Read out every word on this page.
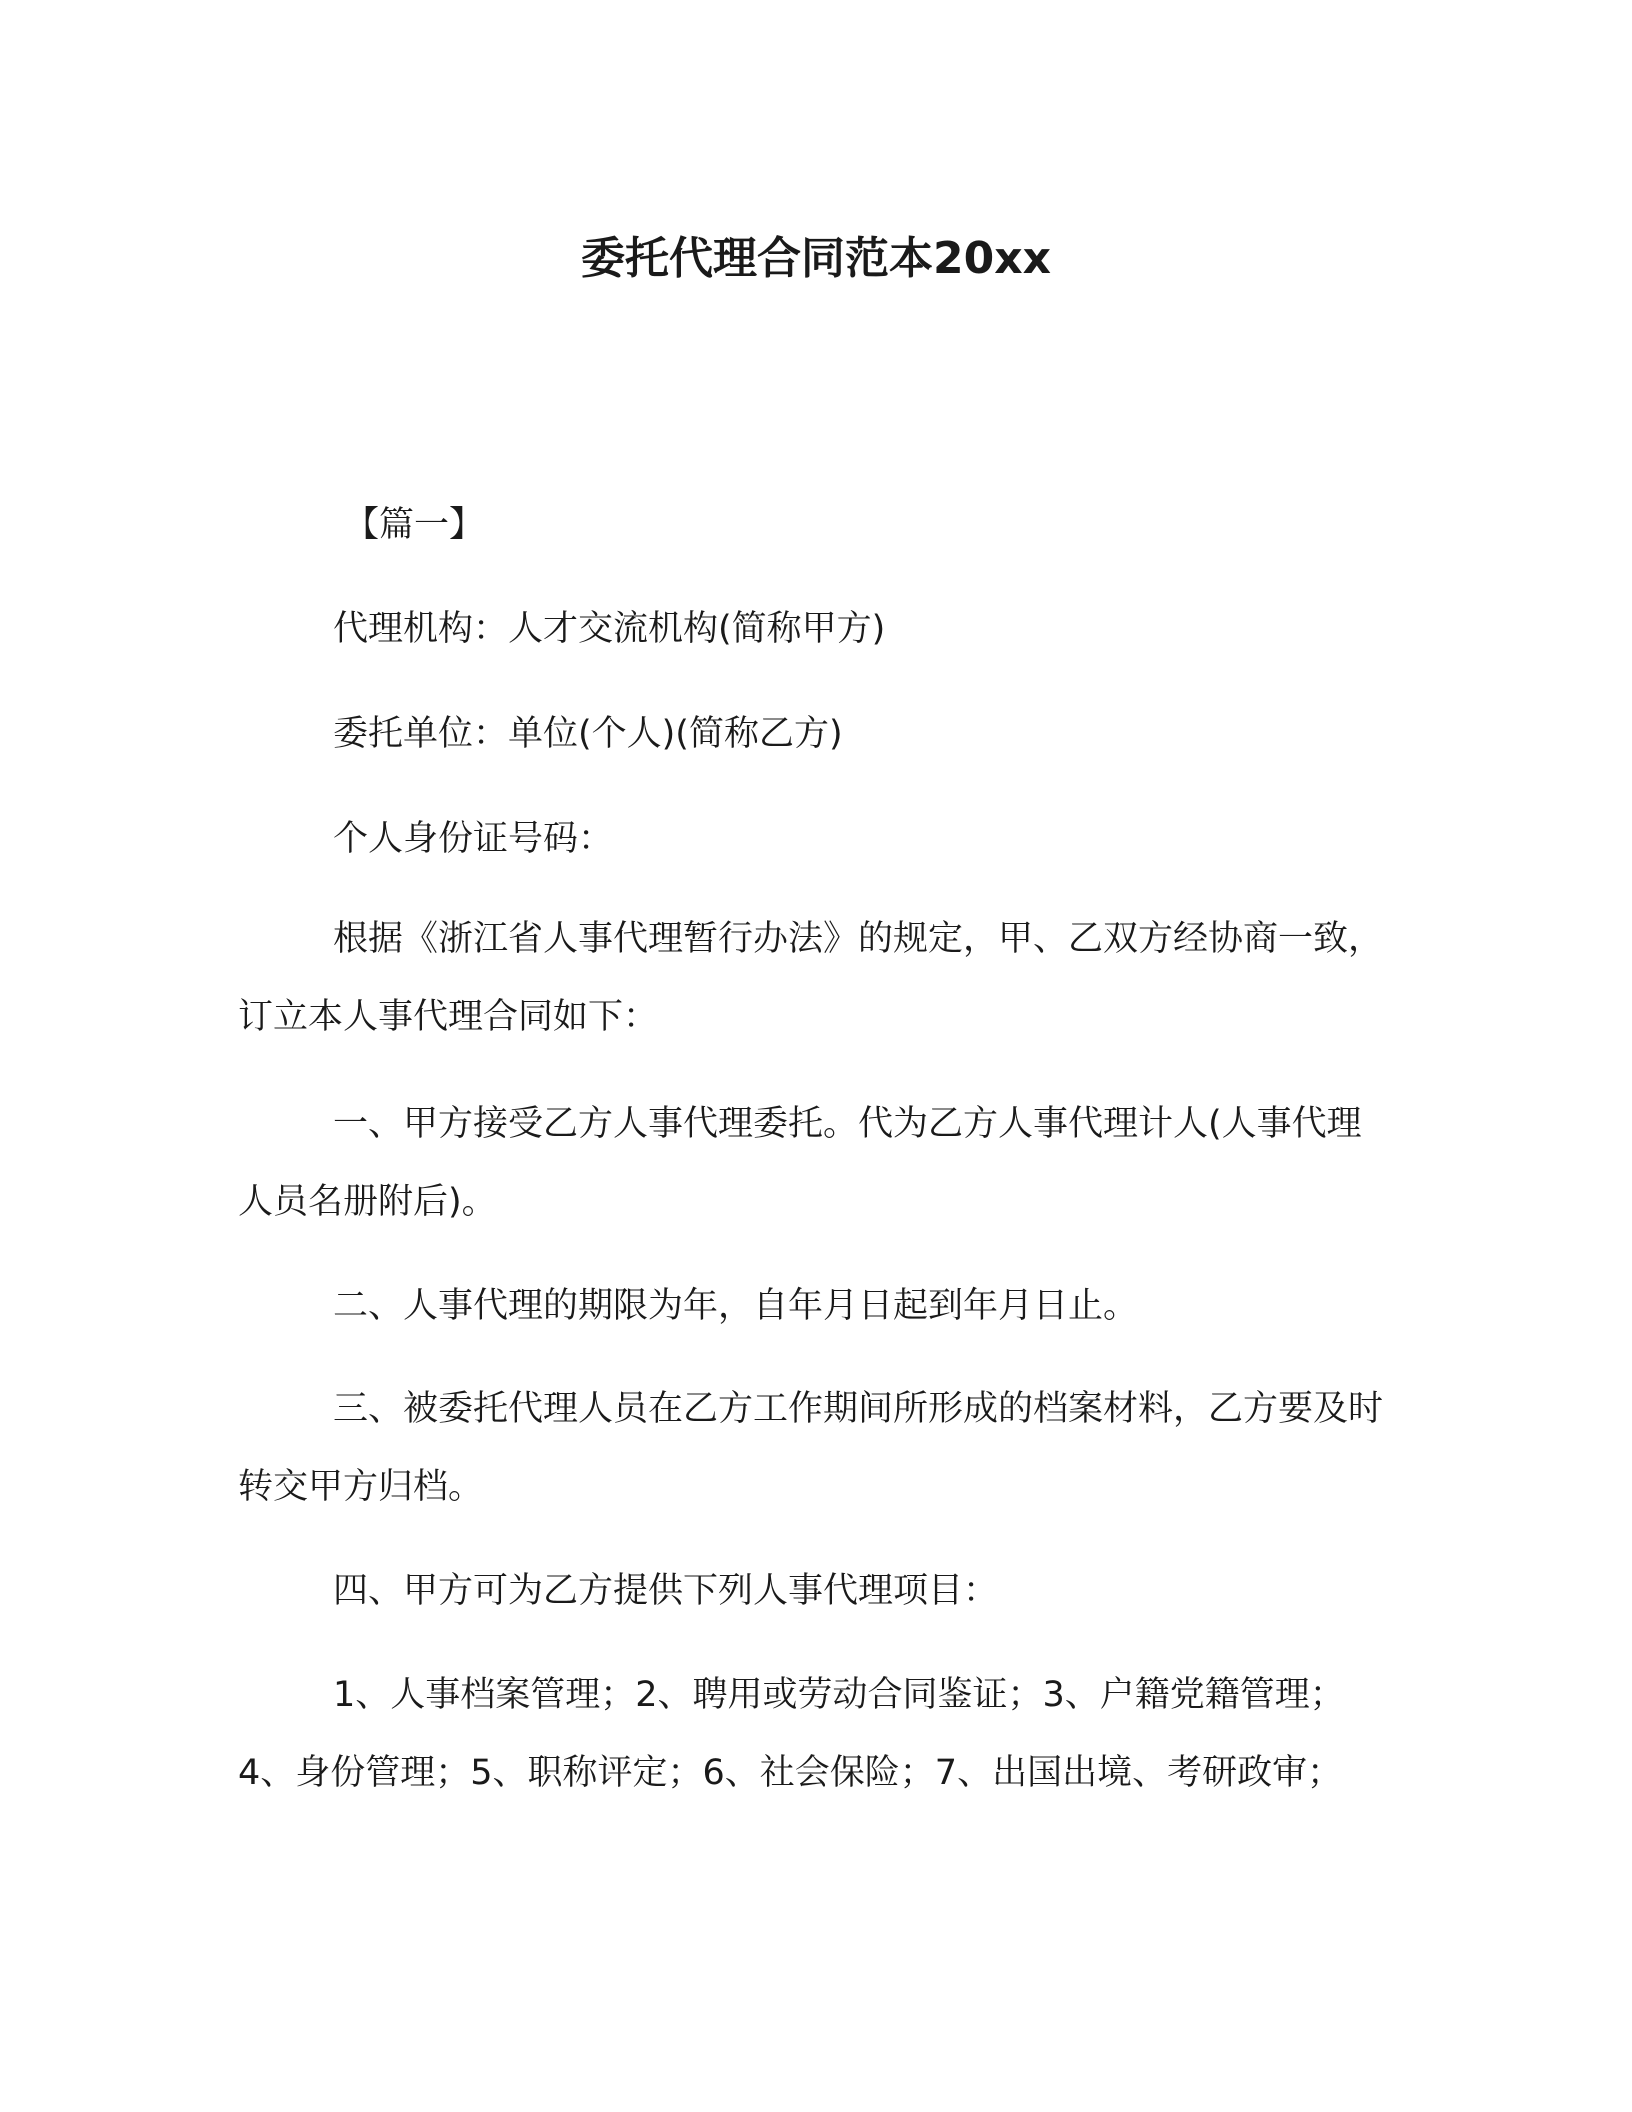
委托代理合同范本20xx
【篇一】
代理机构：人才交流机构(简称甲方)
委托单位：单位(个人)(简称乙方)
个人身份证号码：
根据《浙江省人事代理暂行办法》的规定，甲、乙双方经协商一致，订立本人事代理合同如下：
一、甲方接受乙方人事代理委托。代为乙方人事代理计人(人事代理人员名册附后)。
二、人事代理的期限为年，自年月日起到年月日止。
三、被委托代理人员在乙方工作期间所形成的档案材料，乙方要及时转交甲方归档。
四、甲方可为乙方提供下列人事代理项目：
1、人事档案管理；2、聘用或劳动合同鉴证；3、户籍党籍管理；4、身份管理；5、职称评定；6、社会保险；7、出国出境、考研政审；
